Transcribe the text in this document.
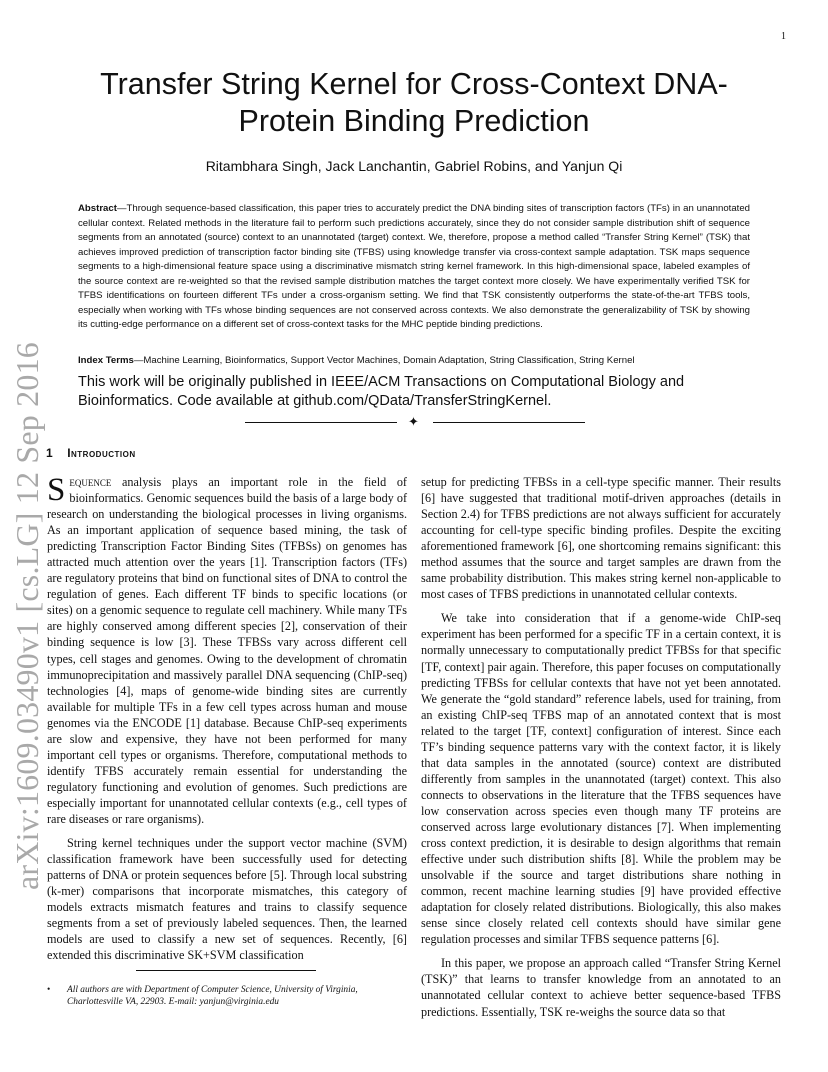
1
arXiv:1609.03490v1 [cs.LG] 12 Sep 2016
Transfer String Kernel for Cross-Context DNA-Protein Binding Prediction
Ritambhara Singh, Jack Lanchantin, Gabriel Robins, and Yanjun Qi
Abstract—Through sequence-based classification, this paper tries to accurately predict the DNA binding sites of transcription factors (TFs) in an unannotated cellular context. Related methods in the literature fail to perform such predictions accurately, since they do not consider sample distribution shift of sequence segments from an annotated (source) context to an unannotated (target) context. We, therefore, propose a method called “Transfer String Kernel” (TSK) that achieves improved prediction of transcription factor binding site (TFBS) using knowledge transfer via cross-context sample adaptation. TSK maps sequence segments to a high-dimensional feature space using a discriminative mismatch string kernel framework. In this high-dimensional space, labeled examples of the source context are re-weighted so that the revised sample distribution matches the target context more closely. We have experimentally verified TSK for TFBS identifications on fourteen different TFs under a cross-organism setting. We find that TSK consistently outperforms the state-of-the-art TFBS tools, especially when working with TFs whose binding sequences are not conserved across contexts. We also demonstrate the generalizability of TSK by showing its cutting-edge performance on a different set of cross-context tasks for the MHC peptide binding predictions.
Index Terms—Machine Learning, Bioinformatics, Support Vector Machines, Domain Adaptation, String Classification, String Kernel
This work will be originally published in IEEE/ACM Transactions on Computational Biology and Bioinformatics. Code available at github.com/QData/TransferStringKernel.
✦
1 Introduction

Sequence analysis plays an important role in the field of bioinformatics. Genomic sequences build the basis of a large body of research on understanding the biological processes in living organisms. As an important application of sequence based mining, the task of predicting Transcription Factor Binding Sites (TFBSs) on genomes has attracted much attention over the years [1]. Transcription factors (TFs) are regulatory proteins that bind on functional sites of DNA to control the regulation of genes. Each different TF binds to specific locations (or sites) on a genomic sequence to regulate cell machinery. While many TFs are highly conserved among different species [2], conservation of their binding sequence is low [3]. These TFBSs vary across different cell types, cell stages and genomes. Owing to the development of chromatin immunoprecipitation and massively parallel DNA sequencing (ChIP-seq) technologies [4], maps of genome-wide binding sites are currently available for multiple TFs in a few cell types across human and mouse genomes via the ENCODE [1] database. Because ChIP-seq experiments are slow and expensive, they have not been performed for many important cell types or organisms. Therefore, computational methods to identify TFBS accurately remain essential for understanding the regulatory functioning and evolution of genomes. Such predictions are especially important for unannotated cellular contexts (e.g., cell types of rare diseases or rare organisms).

String kernel techniques under the support vector machine (SVM) classification framework have been successfully used for detecting patterns of DNA or protein sequences before [5]. Through local substring (k-mer) comparisons that incorporate mismatches, this category of models extracts mismatch features and trains to classify sequence segments from a set of previously labeled sequences. Then, the learned models are used to classify a new set of sequences. Recently, [6] extended this discriminative SK+SVM classification

setup for predicting TFBSs in a cell-type specific manner. Their results [6] have suggested that traditional motif-driven approaches (details in Section 2.4) for TFBS predictions are not always sufficient for accurately accounting for cell-type specific binding profiles. Despite the exciting aforementioned framework [6], one shortcoming remains significant: this method assumes that the source and target samples are drawn from the same probability distribution. This makes string kernel non-applicable to most cases of TFBS predictions in unannotated cellular contexts.

We take into consideration that if a genome-wide ChIP-seq experiment has been performed for a specific TF in a certain context, it is normally unnecessary to computationally predict TFBSs for that specific [TF, context] pair again. Therefore, this paper focuses on computationally predicting TFBSs for cellular contexts that have not yet been annotated. We generate the “gold standard” reference labels, used for training, from an existing ChIP-seq TFBS map of an annotated context that is most related to the target [TF, context] configuration of interest. Since each TF’s binding sequence patterns vary with the context factor, it is likely that data samples in the annotated (source) context are distributed differently from samples in the unannotated (target) context. This also connects to observations in the literature that the TFBS sequences have low conservation across species even though many TF proteins are conserved across large evolutionary distances [7]. When implementing cross context prediction, it is desirable to design algorithms that remain effective under such distribution shifts [8]. While the problem may be unsolvable if the source and target distributions share nothing in common, recent machine learning studies [9] have provided effective adaptation for closely related distributions. Biologically, this also makes sense since closely related cell contexts should have similar gene regulation processes and similar TFBS sequence patterns [6].

In this paper, we propose an approach called “Transfer String Kernel (TSK)” that learns to transfer knowledge from an annotated to an unannotated cellular context to achieve better sequence-based TFBS predictions. Essentially, TSK re-weighs the source data so that

• All authors are with Department of Computer Science, University of Virginia, Charlottesville VA, 22903. E-mail: yanjun@virginia.edu
